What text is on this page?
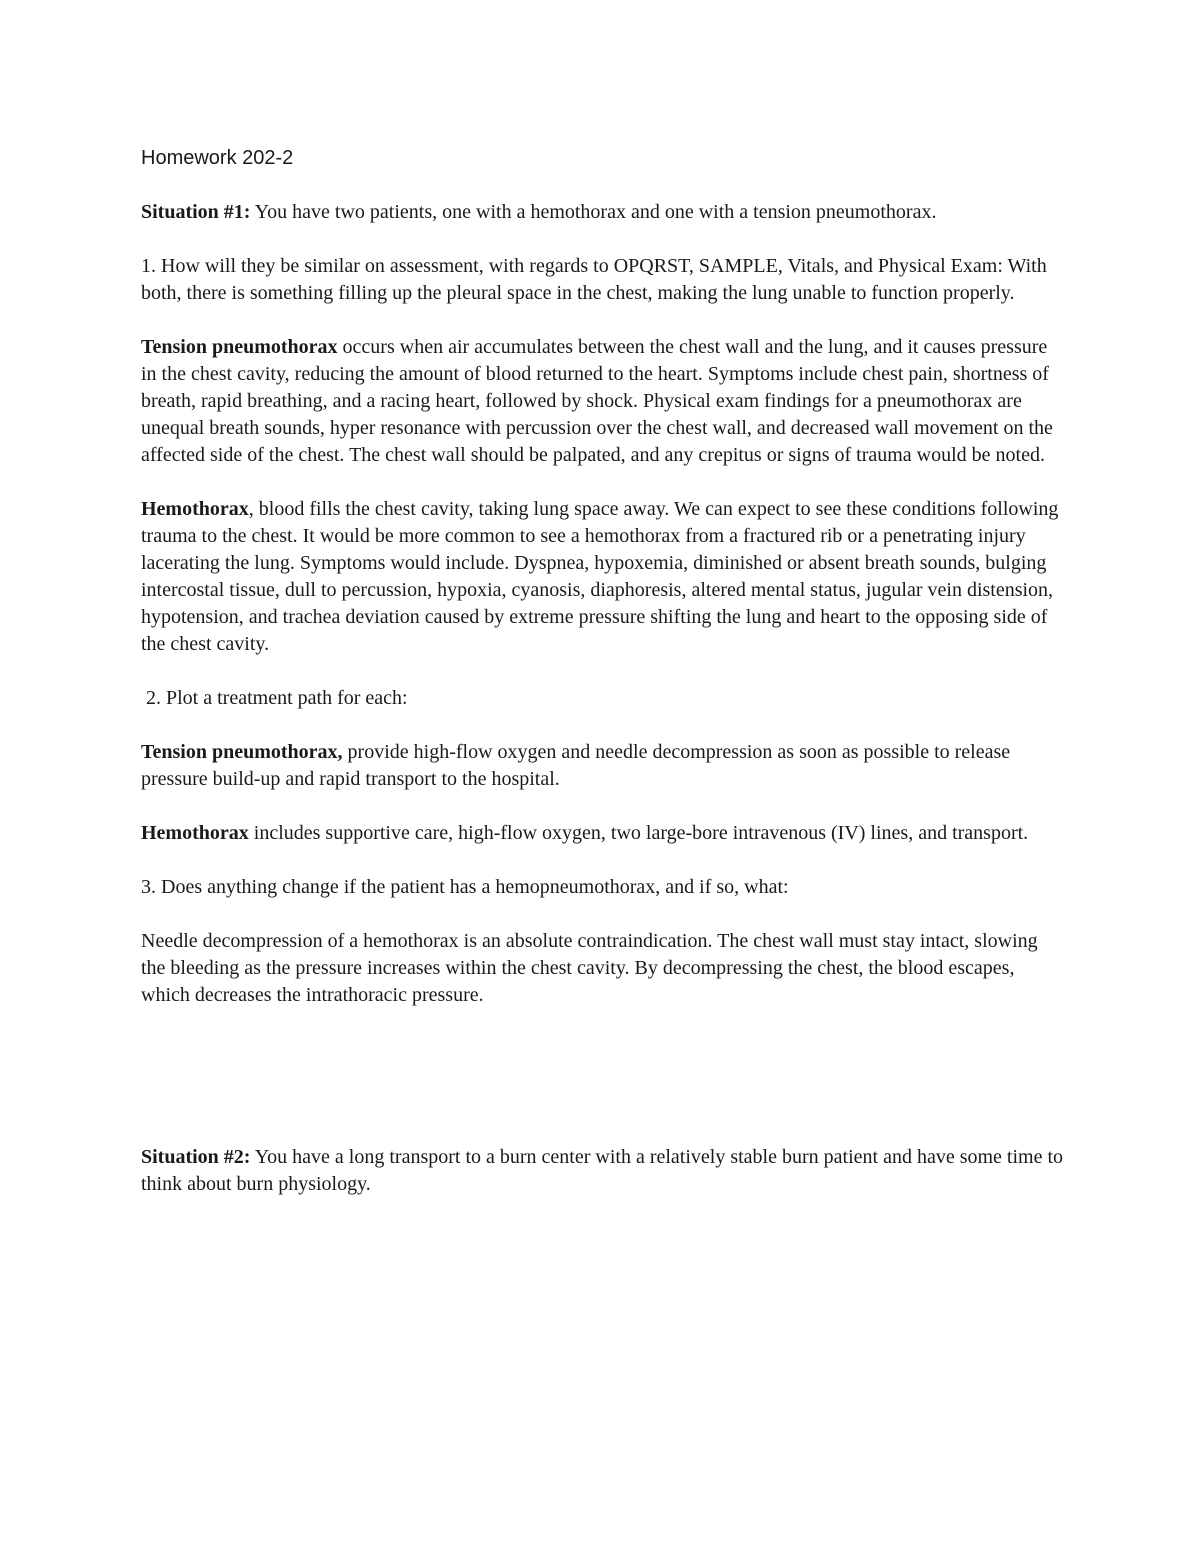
Homework 202-2

Situation #1: You have two patients, one with a hemothorax and one with a tension pneumothorax.

1. How will they be similar on assessment, with regards to OPQRST, SAMPLE, Vitals, and Physical Exam: With both, there is something filling up the pleural space in the chest, making the lung unable to function properly.

Tension pneumothorax occurs when air accumulates between the chest wall and the lung, and it causes pressure in the chest cavity, reducing the amount of blood returned to the heart. Symptoms include chest pain, shortness of breath, rapid breathing, and a racing heart, followed by shock. Physical exam findings for a pneumothorax are unequal breath sounds, hyper resonance with percussion over the chest wall, and decreased wall movement on the affected side of the chest. The chest wall should be palpated, and any crepitus or signs of trauma would be noted.

Hemothorax, blood fills the chest cavity, taking lung space away. We can expect to see these conditions following trauma to the chest. It would be more common to see a hemothorax from a fractured rib or a penetrating injury lacerating the lung. Symptoms would include. Dyspnea, hypoxemia, diminished or absent breath sounds, bulging intercostal tissue, dull to percussion, hypoxia, cyanosis, diaphoresis, altered mental status, jugular vein distension, hypotension, and trachea deviation caused by extreme pressure shifting the lung and heart to the opposing side of the chest cavity.

2. Plot a treatment path for each:

Tension pneumothorax, provide high-flow oxygen and needle decompression as soon as possible to release pressure build-up and rapid transport to the hospital.

Hemothorax includes supportive care, high-flow oxygen, two large-bore intravenous (IV) lines, and transport.

3. Does anything change if the patient has a hemopneumothorax, and if so, what:

Needle decompression of a hemothorax is an absolute contraindication. The chest wall must stay intact, slowing the bleeding as the pressure increases within the chest cavity. By decompressing the chest, the blood escapes, which decreases the intrathoracic pressure.

Situation #2: You have a long transport to a burn center with a relatively stable burn patient and have some time to think about burn physiology.
